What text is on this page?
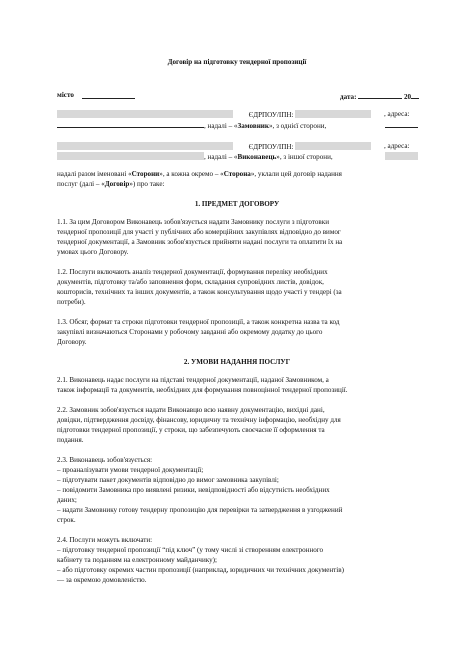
Договір на підготовку тендерної пропозиції
місто	дата:	20
ЄДРПОУ/ІПН:	, адреса:
, надалі – «Замовник», з однієї сторони,
ЄДРПОУ/ІПН:	, адреса:
, надалі – «Виконавець», з іншої сторони,
надалі разом іменовані «Сторони», а кожна окремо – «Сторона», уклали цей договір надання
послуг (далі – «Договір») про таке:
1. ПРЕДМЕТ ДОГОВОРУ
1.1. За цим Договором Виконавець зобов'язується надати Замовнику послуги з підготовки
тендерної пропозиції для участі у публічних або комерційних закупівлях відповідно до вимог
тендерної документації, а Замовник зобов'язується прийняти надані послуги та оплатити їх на
умовах цього Договору.
1.2. Послуги включають аналіз тендерної документації, формування переліку необхідних
документів, підготовку та/або заповнення форм, складання супровідних листів, довідок,
кошторисів, технічних та інших документів, а також консультування щодо участі у тендері (за
потреби).
1.3. Обсяг, формат та строки підготовки тендерної пропозиції, а також конкретна назва та код
закупівлі визначаються Сторонами у робочому завданні або окремому додатку до цього
Договору.
2. УМОВИ НАДАННЯ ПОСЛУГ
2.1. Виконавець надає послуги на підставі тендерної документації, наданої Замовником, а
також інформації та документів, необхідних для формування повноцінної тендерної пропозиції.
2.2. Замовник зобов'язується надати Виконавцю всю наявну документацію, вихідні дані,
довідки, підтвердження досвіду, фінансову, юридичну та технічну інформацію, необхідну для
підготовки тендерної пропозиції, у строки, що забезпечують своєчасне її оформлення та
подання.
2.3. Виконавець зобов'язується:
– проаналізувати умови тендерної документації;
– підготувати пакет документів відповідно до вимог замовника закупівлі;
– повідомити Замовника про виявлені ризики, невідповідності або відсутність необхідних
даних;
– надати Замовнику готову тендерну пропозицію для перевірки та затвердження в узгоджений
строк.
2.4. Послуги можуть включати:
– підготовку тендерної пропозиції “під ключ” (у тому числі зі створенням електронного
кабінету та поданням на електронному майданчику);
– або підготовку окремих частин пропозиції (наприклад, юридичних чи технічних документів)
— за окремою домовленістю.
